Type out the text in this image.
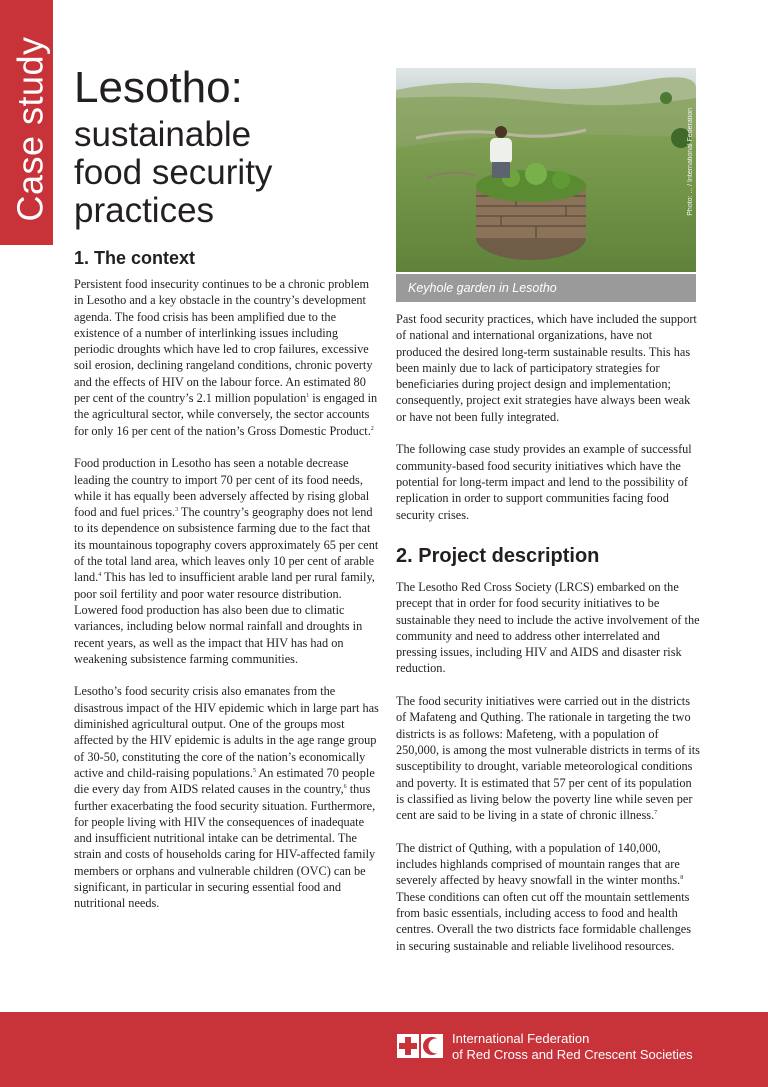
Case study Lesotho:
sustainable
food security
practices	Photo: ... / International Federation
Keyhole garden in Lesotho
1. The context
2. Project description

Persistent food insecurity continues to be a chronic problem in Lesotho and a key obstacle in the country’s development agenda. The food crisis has been amplified due to the existence of a number of interlinking issues including periodic droughts which have led to crop failures, excessive soil erosion, declining rangeland conditions, chronic poverty and the effects of HIV on the labour force. An estimated 80 per cent of the country’s 2.1 million population$^1$ is engaged in the agricultural sector, while conversely, the sector accounts for only 16 per cent of the nation’s Gross Domestic Product.$^2$

Food production in Lesotho has seen a notable decrease leading the country to import 70 per cent of its food needs, while it has equally been adversely affected by rising global food and fuel prices.$^3$ The country’s geography does not lend to its dependence on subsistence farming due to the fact that its mountainous topography covers approximately 65 per cent of the total land area, which leaves only 10 per cent of arable land.$^4$ This has led to insufficient arable land per rural family, poor soil fertility and poor water resource distribution. Lowered food production has also been due to climatic variances, including below normal rainfall and droughts in recent years, as well as the impact that HIV has had on weakening subsistence farming communities.

Lesotho’s food security crisis also emanates from the disastrous impact of the HIV epidemic which in large part has diminished agricultural output. One of the groups most affected by the HIV epidemic is adults in the age range group of 30-50, constituting the core of the nation’s economically active and child-raising populations.$^5$ An estimated 70 people die every day from AIDS related causes in the country,$^6$ thus further exacerbating the food security situation. Furthermore, for people living with HIV the consequences of inadequate and insufficient nutritional intake can be detrimental. The strain and costs of households caring for HIV-affected family members or orphans and vulnerable children (OVC) can be significant, in particular in securing essential food and nutritional needs.

Past food security practices, which have included the support of national and international organizations, have not produced the desired long-term sustainable results. This has been mainly due to lack of participatory strategies for beneficiaries during project design and implementation; consequently, project exit strategies have always been weak or have not been fully integrated.

The following case study provides an example of successful community-based food security initiatives which have the potential for long-term impact and lend to the possibility of replication in order to support communities facing food security crises.

The Lesotho Red Cross Society (LRCS) embarked on the precept that in order for food security initiatives to be sustainable they need to include the active involvement of the community and need to address other interrelated and pressing issues, including HIV and AIDS and disaster risk reduction.

The food security initiatives were carried out in the districts of Mafateng and Quthing. The rationale in targeting the two districts is as follows: Mafeteng, with a population of 250,000, is among the most vulnerable districts in terms of its susceptibility to drought, variable meteorological conditions and poverty. It is estimated that 57 per cent of its population is classified as living below the poverty line while seven per cent are said to be living in a state of chronic illness.$^7$

The district of Quthing, with a population of 140,000, includes highlands comprised of mountain ranges that are severely affected by heavy snowfall in the winter months.$^8$ These conditions can often cut off the mountain settlements from basic essentials, including access to food and health centres. Overall the two districts face formidable challenges in securing sustainable and reliable livelihood resources.

International Federation
of Red Cross and Red Crescent Societies
